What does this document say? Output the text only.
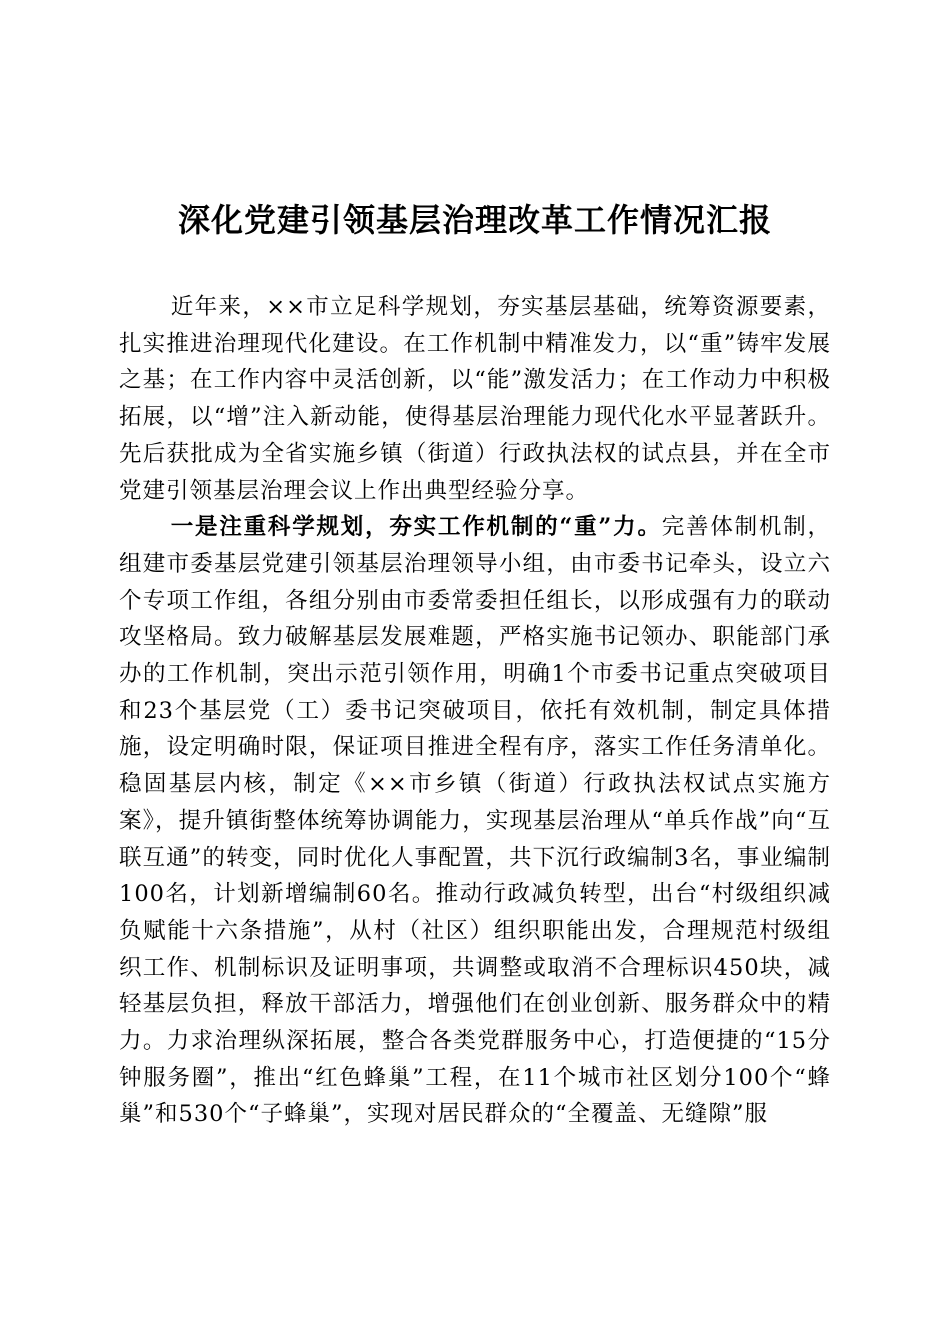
深化党建引领基层治理改革工作情况汇报

近年来，××市立足科学规划，夯实基层基础，统筹资源要素，扎实推进治理现代化建设。在工作机制中精准发力，以“重”铸牢发展之基；在工作内容中灵活创新，以“能”激发活力；在工作动力中积极拓展，以“增”注入新动能，使得基层治理能力现代化水平显著跃升。先后获批成为全省实施乡镇（街道）行政执法权的试点县，并在全市党建引领基层治理会议上作出典型经验分享。

一是注重科学规划，夯实工作机制的“重”力。完善体制机制，组建市委基层党建引领基层治理领导小组，由市委书记牵头，设立六个专项工作组，各组分别由市委常委担任组长，以形成强有力的联动攻坚格局。致力破解基层发展难题，严格实施书记领办、职能部门承办的工作机制，突出示范引领作用，明确1个市委书记重点突破项目和23个基层党（工）委书记突破项目，依托有效机制，制定具体措施，设定明确时限，保证项目推进全程有序，落实工作任务清单化。稳固基层内核，制定《××市乡镇（街道）行政执法权试点实施方案》，提升镇街整体统筹协调能力，实现基层治理从“单兵作战”向“互联互通”的转变，同时优化人事配置，共下沉行政编制3名，事业编制100名，计划新增编制60名。推动行政减负转型，出台“村级组织减负赋能十六条措施”，从村（社区）组织职能出发，合理规范村级组织工作、机制标识及证明事项，共调整或取消不合理标识450块，减轻基层负担，释放干部活力，增强他们在创业创新、服务群众中的精力。力求治理纵深拓展，整合各类党群服务中心，打造便捷的“15分钟服务圈”，推出“红色蜂巢”工程，在11个城市社区划分100个“蜂巢”和530个“子蜂巢”，实现对居民群众的“全覆盖、无缝隙”服
